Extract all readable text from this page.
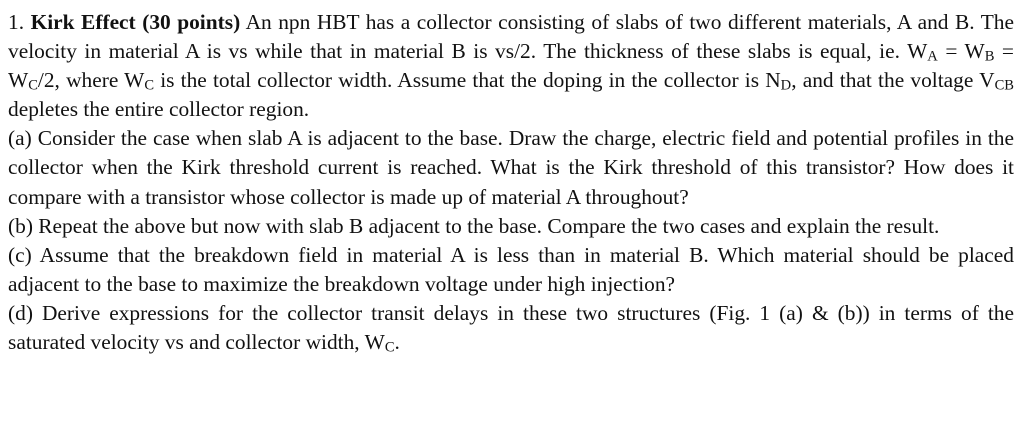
1. Kirk Effect (30 points) An npn HBT has a collector consisting of slabs of two different materials, A and B. The velocity in material A is vs while that in material B is vs/2. The thickness of these slabs is equal, ie. WA = WB = WC/2, where WC is the total collector width. Assume that the doping in the collector is ND, and that the voltage VCB depletes the entire collector region.

(a) Consider the case when slab A is adjacent to the base. Draw the charge, electric field and potential profiles in the collector when the Kirk threshold current is reached. What is the Kirk threshold of this transistor? How does it compare with a transistor whose collector is made up of material A throughout?

(b) Repeat the above but now with slab B adjacent to the base. Compare the two cases and explain the result.

(c) Assume that the breakdown field in material A is less than in material B. Which material should be placed adjacent to the base to maximize the breakdown voltage under high injection?

(d) Derive expressions for the collector transit delays in these two structures (Fig. 1 (a) & (b)) in terms of the saturated velocity vs and collector width, WC.
